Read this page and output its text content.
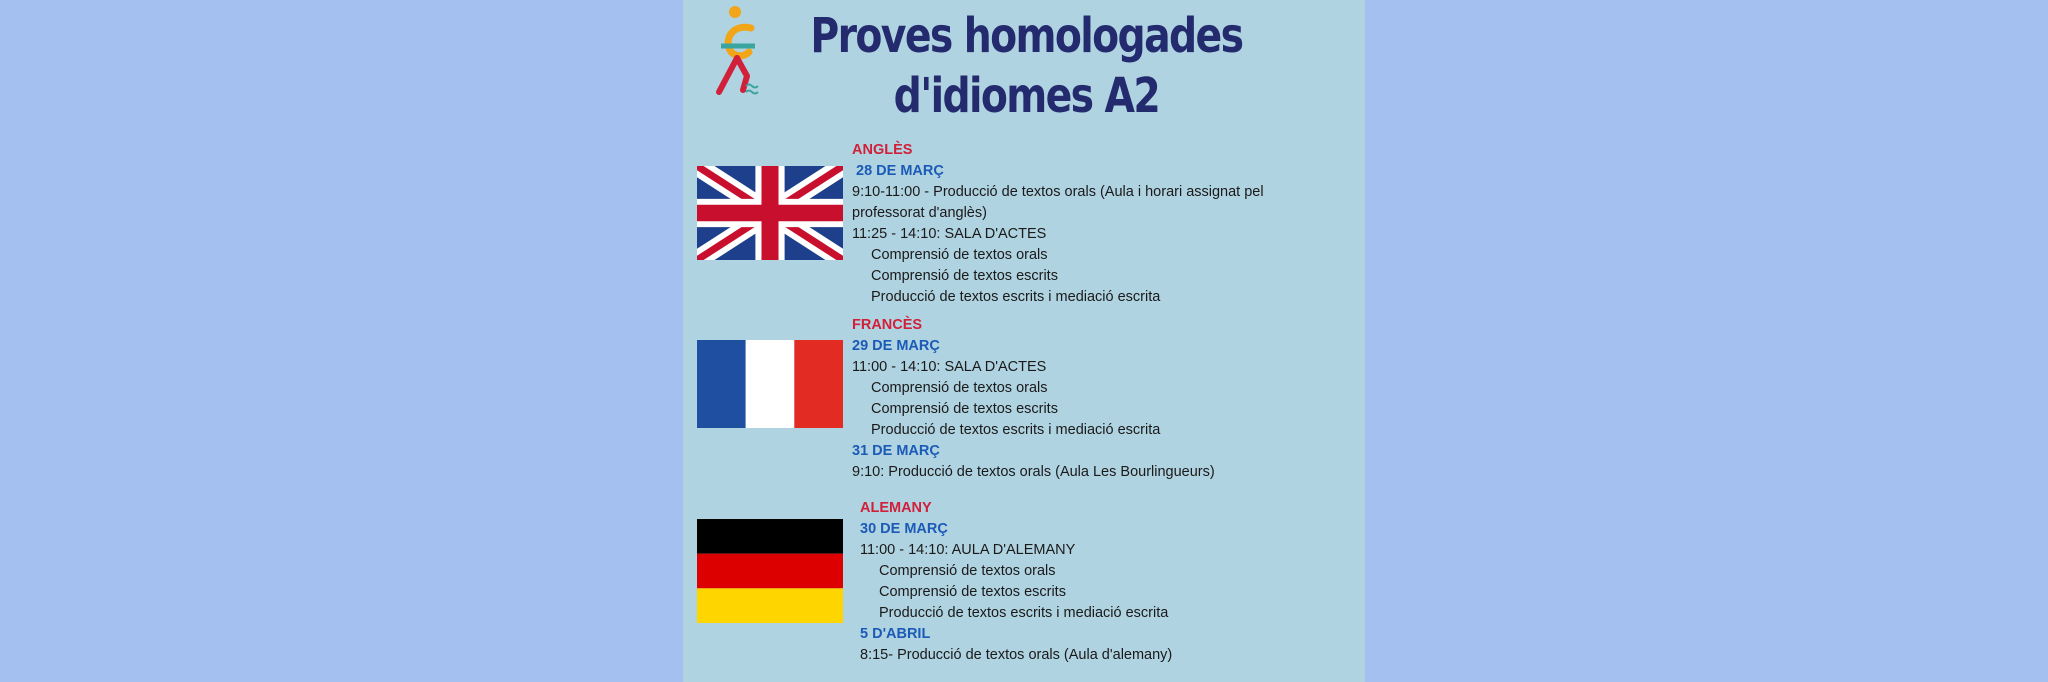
Proves homologades
d'idiomes A2
ANGLÈS
28 DE MARÇ
9:10-11:00 - Producció de textos orals (Aula i horari assignat pel
professorat d'anglès)
11:25 - 14:10: SALA D'ACTES
Comprensió de textos orals
Comprensió de textos escrits
Producció de textos escrits i mediació escrita
FRANCÈS
29 DE MARÇ
11:00 - 14:10: SALA D'ACTES
Comprensió de textos orals
Comprensió de textos escrits
Producció de textos escrits i mediació escrita
31 DE MARÇ
9:10: Producció de textos orals (Aula Les Bourlingueurs)
ALEMANY
30 DE MARÇ
11:00 - 14:10: AULA D'ALEMANY
Comprensió de textos orals
Comprensió de textos escrits
Producció de textos escrits i mediació escrita
5 D'ABRIL
8:15- Producció de textos orals (Aula d'alemany)
